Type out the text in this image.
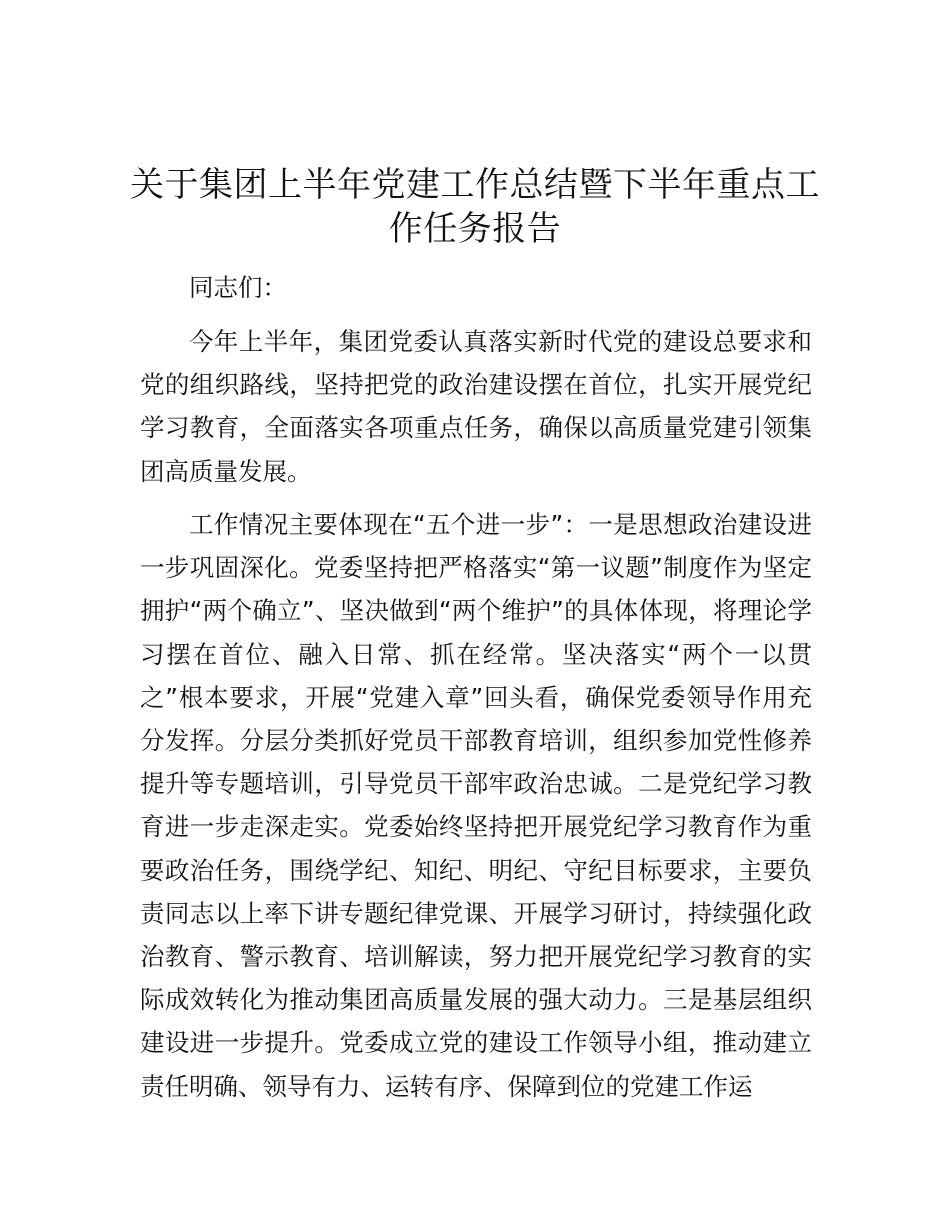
关于集团上半年党建工作总结暨下半年重点工作任务报告

同志们：

今年上半年，集团党委认真落实新时代党的建设总要求和党的组织路线，坚持把党的政治建设摆在首位，扎实开展党纪学习教育，全面落实各项重点任务，确保以高质量党建引领集团高质量发展。

工作情况主要体现在“五个进一步”：一是思想政治建设进一步巩固深化。党委坚持把严格落实“第一议题”制度作为坚定拥护“两个确立”、坚决做到“两个维护”的具体体现，将理论学习摆在首位、融入日常、抓在经常。坚决落实“两个一以贯之”根本要求，开展“党建入章”回头看，确保党委领导作用充分发挥。分层分类抓好党员干部教育培训，组织参加党性修养提升等专题培训，引导党员干部牢政治忠诚。二是党纪学习教育进一步走深走实。党委始终坚持把开展党纪学习教育作为重要政治任务，围绕学纪、知纪、明纪、守纪目标要求，主要负责同志以上率下讲专题纪律党课、开展学习研讨，持续强化政治教育、警示教育、培训解读，努力把开展党纪学习教育的实际成效转化为推动集团高质量发展的强大动力。三是基层组织建设进一步提升。党委成立党的建设工作领导小组，推动建立责任明确、领导有力、运转有序、保障到位的党建工作运
